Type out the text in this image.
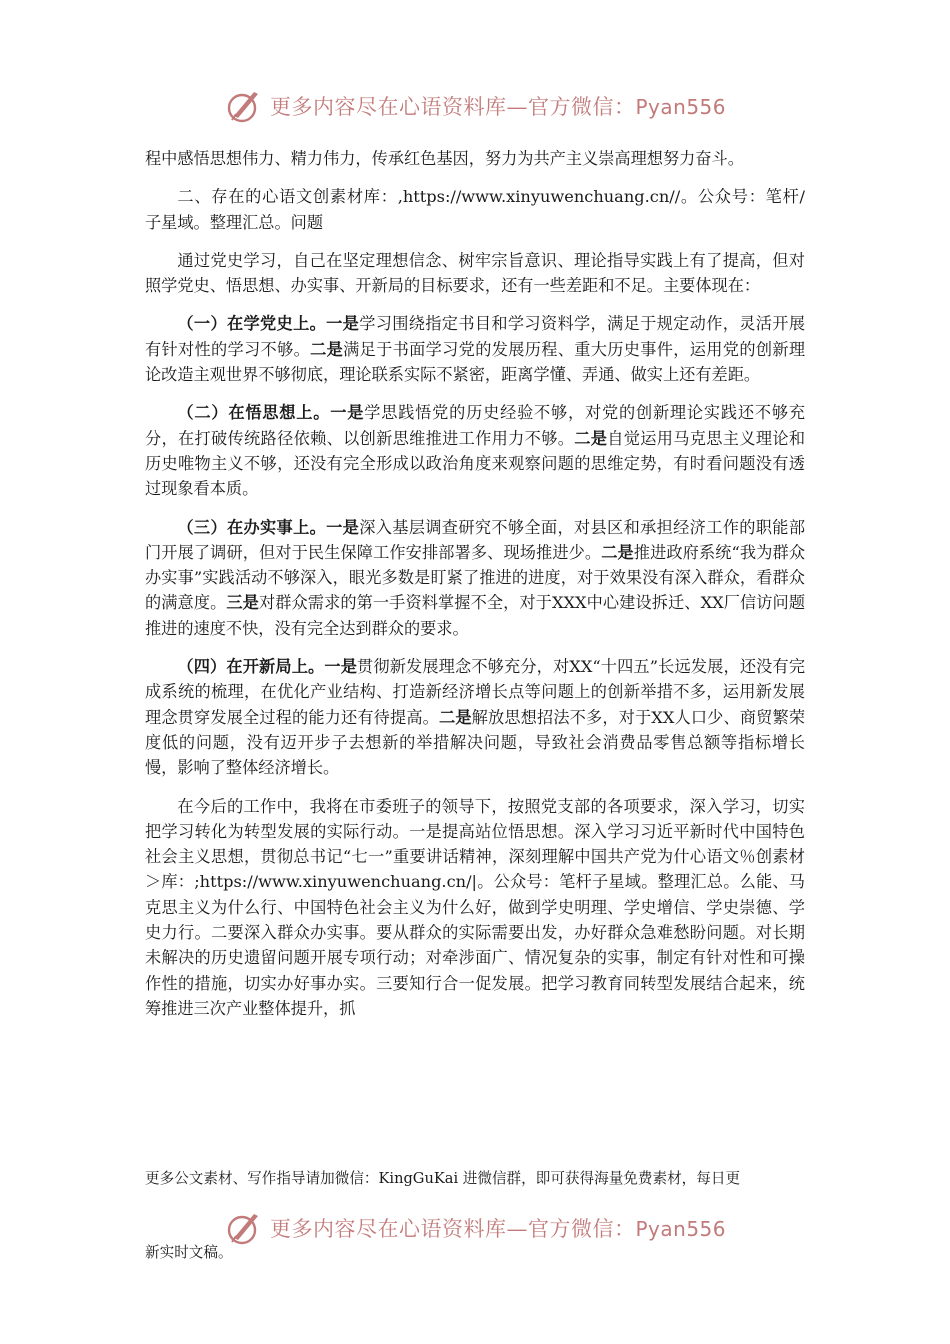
更多内容尽在心语资料库—官方微信：Pyan556

程中感悟思想伟力、精力伟力，传承红色基因，努力为共产主义崇高理想努力奋斗。

二、存在的心语文创素材库：,https://www.xinyuwenchuang.cn//。公众号：笔杆/子星域。整理汇总。问题

通过党史学习，自己在坚定理想信念、树牢宗旨意识、理论指导实践上有了提高，但对照学党史、悟思想、办实事、开新局的目标要求，还有一些差距和不足。主要体现在：

（一）在学党史上。一是学习围绕指定书目和学习资料学，满足于规定动作，灵活开展有针对性的学习不够。二是满足于书面学习党的发展历程、重大历史事件，运用党的创新理论改造主观世界不够彻底，理论联系实际不紧密，距离学懂、弄通、做实上还有差距。

（二）在悟思想上。一是学思践悟党的历史经验不够，对党的创新理论实践还不够充分，在打破传统路径依赖、以创新思维推进工作用力不够。二是自觉运用马克思主义理论和历史唯物主义不够，还没有完全形成以政治角度来观察问题的思维定势，有时看问题没有透过现象看本质。

（三）在办实事上。一是深入基层调查研究不够全面，对县区和承担经济工作的职能部门开展了调研，但对于民生保障工作安排部署多、现场推进少。二是推进政府系统“我为群众办实事”实践活动不够深入，眼光多数是盯紧了推进的进度，对于效果没有深入群众，看群众的满意度。三是对群众需求的第一手资料掌握不全，对于XXX中心建设拆迁、XX厂信访问题推进的速度不快，没有完全达到群众的要求。

（四）在开新局上。一是贯彻新发展理念不够充分，对XX“十四五”长远发展，还没有完成系统的梳理，在优化产业结构、打造新经济增长点等问题上的创新举措不多，运用新发展理念贯穿发展全过程的能力还有待提高。二是解放思想招法不多，对于XX人口少、商贸繁荣度低的问题，没有迈开步子去想新的举措解决问题，导致社会消费品零售总额等指标增长慢，影响了整体经济增长。

在今后的工作中，我将在市委班子的领导下，按照党支部的各项要求，深入学习，切实把学习转化为转型发展的实际行动。一是提高站位悟思想。深入学习习近平新时代中国特色社会主义思想，贯彻总书记“七一”重要讲话精神，深刻理解中国共产党为什心语文％创素材＞库：;https://www.xinyuwenchuang.cn/|。公众号：笔杆子星域。整理汇总。么能、马克思主义为什么行、中国特色社会主义为什么好，做到学史明理、学史增信、学史崇德、学史力行。二要深入群众办实事。要从群众的实际需要出发，办好群众急难愁盼问题。对长期未解决的历史遗留问题开展专项行动；对牵涉面广、情况复杂的实事，制定有针对性和可操作性的措施，切实办好事办实。三要知行合一促发展。把学习教育同转型发展结合起来，统筹推进三次产业整体提升，抓

更多公文素材、写作指导请加微信：KingGuKai 进微信群，即可获得海量免费素材，每日更
更多内容尽在心语资料库—官方微信：Pyan556
新实时文稿。
